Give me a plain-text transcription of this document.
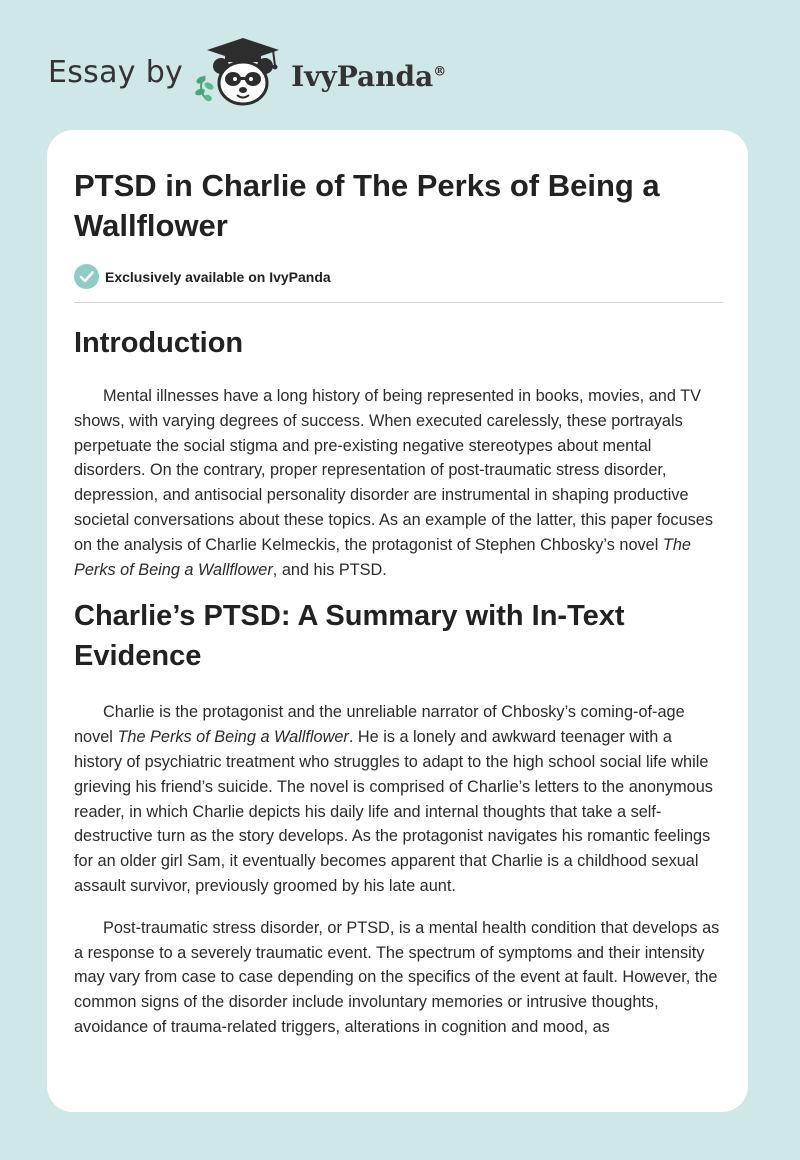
Essay by	IvyPanda®
PTSD in Charlie of The Perks of Being a Wallflower
Exclusively available on IvyPanda
Introduction

Mental illnesses have a long history of being represented in books, movies, and TV shows, with varying degrees of success. When executed carelessly, these portrayals perpetuate the social stigma and pre-existing negative stereotypes about mental disorders. On the contrary, proper representation of post-traumatic stress disorder, depression, and antisocial personality disorder are instrumental in shaping productive societal conversations about these topics. As an example of the latter, this paper focuses on the analysis of Charlie Kelmeckis, the protagonist of Stephen Chbosky’s novel The Perks of Being a Wallflower, and his PTSD.

Charlie’s PTSD: A Summary with In-Text Evidence

Charlie is the protagonist and the unreliable narrator of Chbosky’s coming-of-age novel The Perks of Being a Wallflower. He is a lonely and awkward teenager with a history of psychiatric treatment who struggles to adapt to the high school social life while grieving his friend’s suicide. The novel is comprised of Charlie’s letters to the anonymous reader, in which Charlie depicts his daily life and internal thoughts that take a self-destructive turn as the story develops. As the protagonist navigates his romantic feelings for an older girl Sam, it eventually becomes apparent that Charlie is a childhood sexual assault survivor, previously groomed by his late aunt.

Post-traumatic stress disorder, or PTSD, is a mental health condition that develops as a response to a severely traumatic event. The spectrum of symptoms and their intensity may vary from case to case depending on the specifics of the event at fault. However, the common signs of the disorder include involuntary memories or intrusive thoughts, avoidance of trauma-related triggers, alterations in cognition and mood, as
